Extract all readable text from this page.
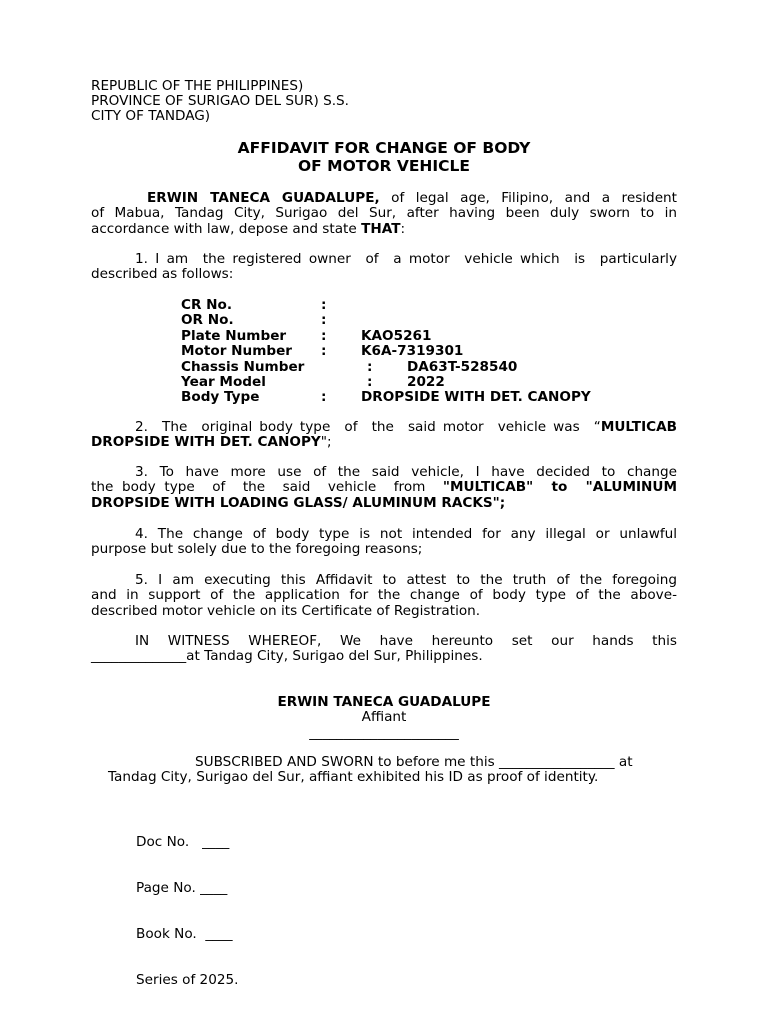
REPUBLIC OF THE PHILIPPINES)

PROVINCE OF SURIGAO DEL SUR) S.S.

CITY OF TANDAG)

AFFIDAVIT FOR CHANGE OF BODY
OF MOTOR VEHICLE
ERWIN TANECA GUADALUPE, of legal age, Filipino, and a resident
of Mabua, Tandag City, Surigao del Sur, after having been duly sworn to in
accordance with law, depose and state THAT:
1. I am  the registered owner  of  a motor  vehicle which  is  particularly
described as follows:
CR No.	:
OR No.	:
Plate Number	:	KAO5261
Motor Number :	K6A-7319301
Chassis Number	:	DA63T-528540
Year Model	:	2022
Body Type	:	DROPSIDE WITH DET. CANOPY
2.  The  original body type  of  the  said motor  vehicle was  “MULTICAB
DROPSIDE WITH DET. CANOPY";
3. To have more use of the said vehicle, I have decided to change
the body type  of  the  said  vehicle  from  "MULTICAB"  to  "ALUMINUM
DROPSIDE WITH LOADING GLASS/ ALUMINUM RACKS";
4. The change of body type is not intended for any illegal or unlawful
purpose but solely due to the foregoing reasons;
5. I am executing this Affidavit to attest to the truth of the foregoing
and in support of the application for the change of body type of the above-
described motor vehicle on its Certificate of Registration.
IN  WITNESS  WHEREOF,  We  have  hereunto  set  our  hands  this
______________at Tandag City, Surigao del Sur, Philippines.
ERWIN TANECA GUADALUPE
Affiant
______________________
SUBSCRIBED AND SWORN to before me this _________________ at
Tandag City, Surigao del Sur, affiant exhibited his ID as proof of identity.

Doc No.   ____

Page No. ____

Book No.  ____

Series of 2025.
